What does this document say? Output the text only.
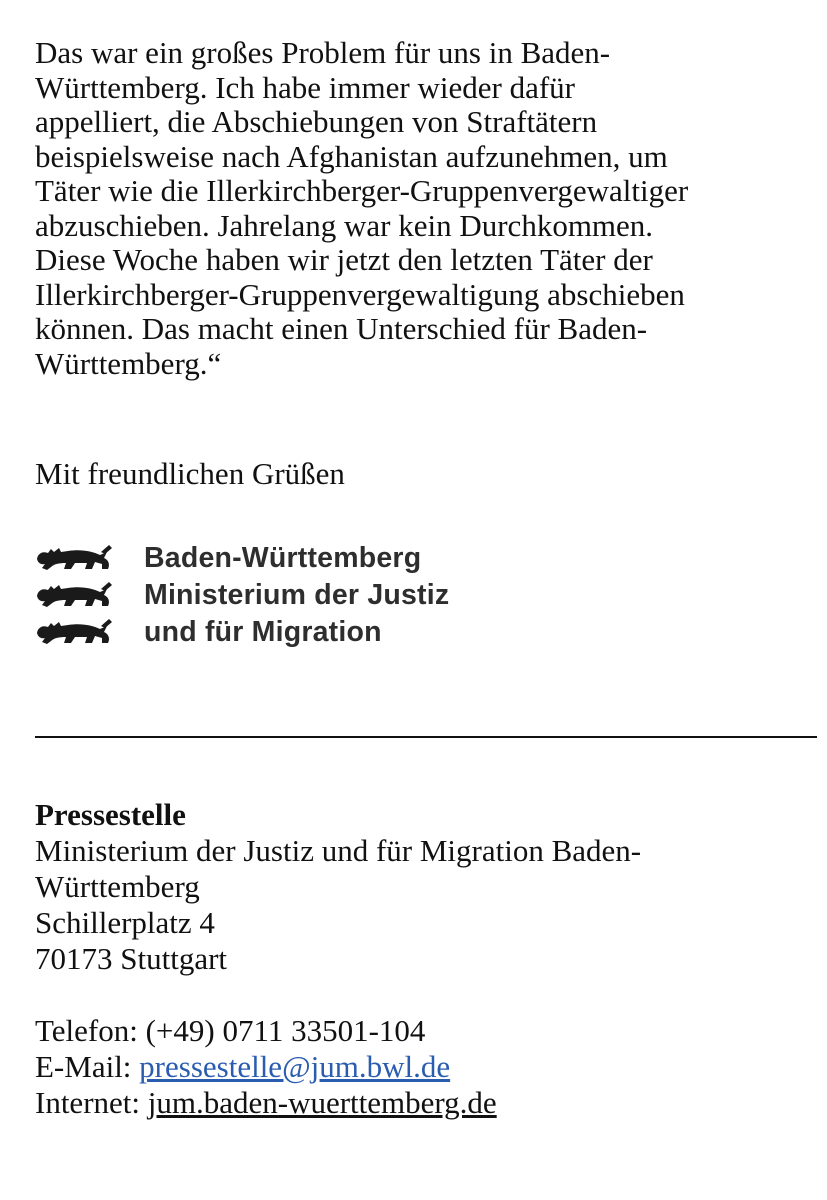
Das war ein großes Problem für uns in Baden-
Württemberg. Ich habe immer wieder dafür
appelliert, die Abschiebungen von Straftätern
beispielsweise nach Afghanistan aufzunehmen, um
Täter wie die Illerkirchberger-Gruppenvergewaltiger
abzuschieben. Jahrelang war kein Durchkommen.
Diese Woche haben wir jetzt den letzten Täter der
Illerkirchberger-Gruppenvergewaltigung abschieben
können. Das macht einen Unterschied für Baden-
Württemberg.“

Mit freundlichen Grüßen

Baden-Württemberg
Ministerium der Justiz
und für Migration
Pressestelle
Ministerium der Justiz und für Migration Baden-
Württemberg
Schillerplatz 4
70173 Stuttgart
Telefon: (+49) 0711 33501-104
E-Mail: pressestelle@jum.bwl.de
Internet: jum.baden-wuerttemberg.de
